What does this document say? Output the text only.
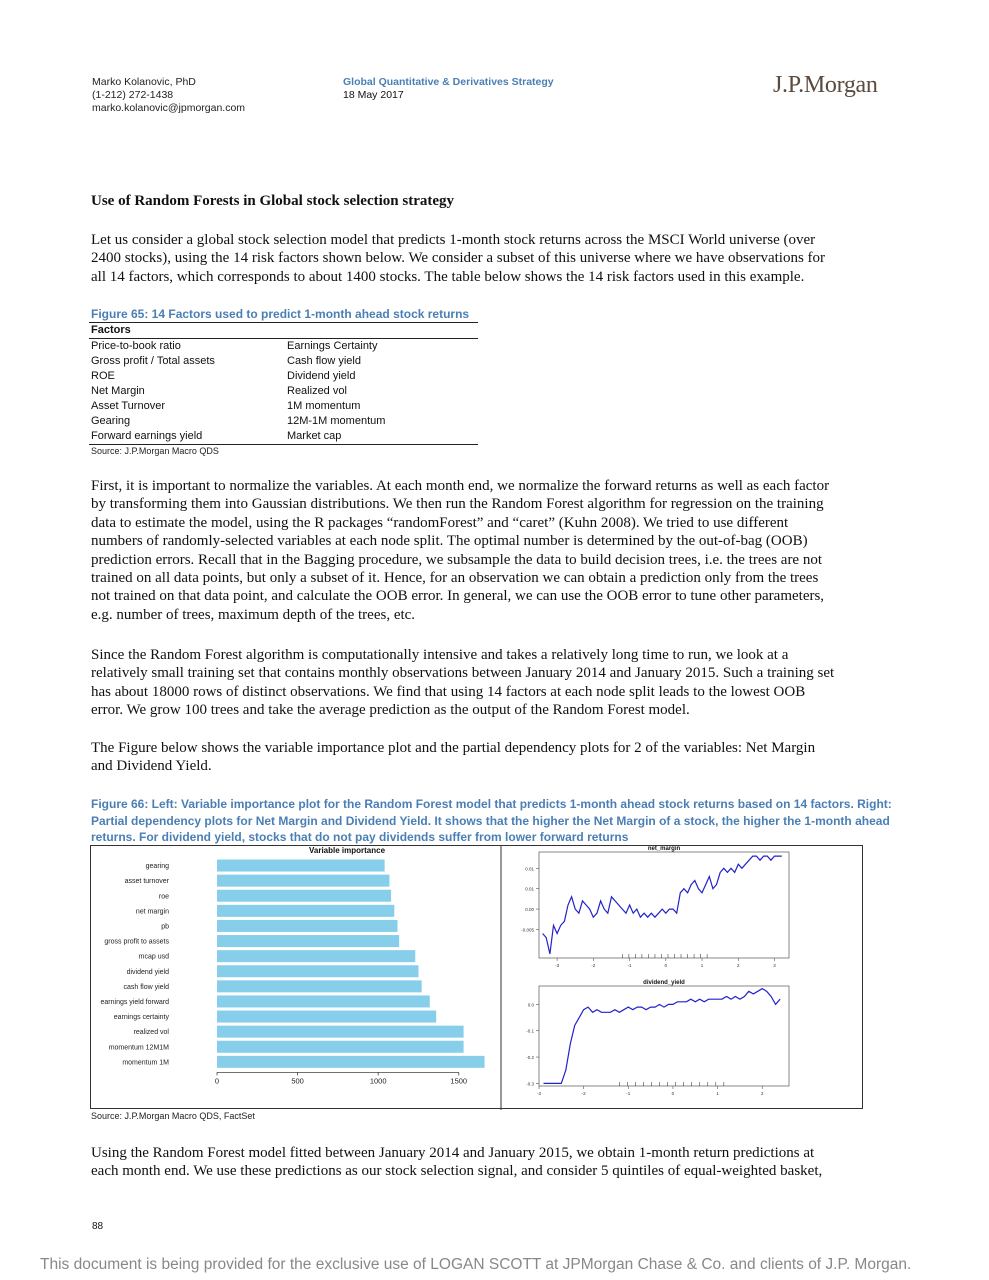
Marko Kolanovic, PhD
(1-212) 272-1438
marko.kolanovic@jpmorgan.com
Global Quantitative & Derivatives Strategy
18 May 2017	J.P.Morgan
Use of Random Forests in Global stock selection strategy
Let us consider a global stock selection model that predicts 1-month stock returns across the MSCI World universe (over
2400 stocks), using the 14 risk factors shown below. We consider a subset of this universe where we have observations for
all 14 factors, which corresponds to about 1400 stocks. The table below shows the 14 risk factors used in this example.
Figure 65: 14 Factors used to predict 1-month ahead stock returns
Factors	
Price-to-book ratio	Earnings Certainty
Gross profit / Total assets	Cash flow yield
ROE	Dividend yield
Net Margin	Realized vol
Asset Turnover	1M momentum
Gearing	12M-1M momentum
Forward earnings yield	Market cap
Source: J.P.Morgan Macro QDS
First, it is important to normalize the variables. At each month end, we normalize the forward returns as well as each factor
by transforming them into Gaussian distributions. We then run the Random Forest algorithm for regression on the training
data to estimate the model, using the R packages “randomForest” and “caret” (Kuhn 2008). We tried to use different
numbers of randomly-selected variables at each node split. The optimal number is determined by the out-of-bag (OOB)
prediction errors. Recall that in the Bagging procedure, we subsample the data to build decision trees, i.e. the trees are not
trained on all data points, but only a subset of it. Hence, for an observation we can obtain a prediction only from the trees
not trained on that data point, and calculate the OOB error. In general, we can use the OOB error to tune other parameters,
e.g. number of trees, maximum depth of the trees, etc.
Since the Random Forest algorithm is computationally intensive and takes a relatively long time to run, we look at a
relatively small training set that contains monthly observations between January 2014 and January 2015. Such a training set
has about 18000 rows of distinct observations. We find that using 14 factors at each node split leads to the lowest OOB
error. We grow 100 trees and take the average prediction as the output of the Random Forest model.
The Figure below shows the variable importance plot and the partial dependency plots for 2 of the variables: Net Margin
and Dividend Yield.
Figure 66: Left: Variable importance plot for the Random Forest model that predicts 1-month ahead stock returns based on 14 factors. Right:
Partial dependency plots for Net Margin and Dividend Yield. It shows that the higher the Net Margin of a stock, the higher the 1-month ahead
returns. For dividend yield, stocks that do not pay dividends suffer from lower forward returns
Variable importance
gearing
asset turnover
roe
net margin
pb
gross profit to assets
mcap usd
dividend yield
cash flow yield
earnings yield forward
earnings certainty
realized vol
momentum 12M1M
momentum 1M
0	500	1000	1500
net_margin
0.01
0.01
0.00
-0.005
-3	-2	-1	0	1	2	3
dividend_yield
0.0
-0.1
-0.2
-0.3
-3	-2	-1	0	1	2
Source: J.P.Morgan Macro QDS, FactSet
Using the Random Forest model fitted between January 2014 and January 2015, we obtain 1-month return predictions at
each month end. We use these predictions as our stock selection signal, and consider 5 quintiles of equal-weighted basket,
88
This document is being provided for the exclusive use of LOGAN SCOTT at JPMorgan Chase & Co. and clients of J.P. Morgan.
